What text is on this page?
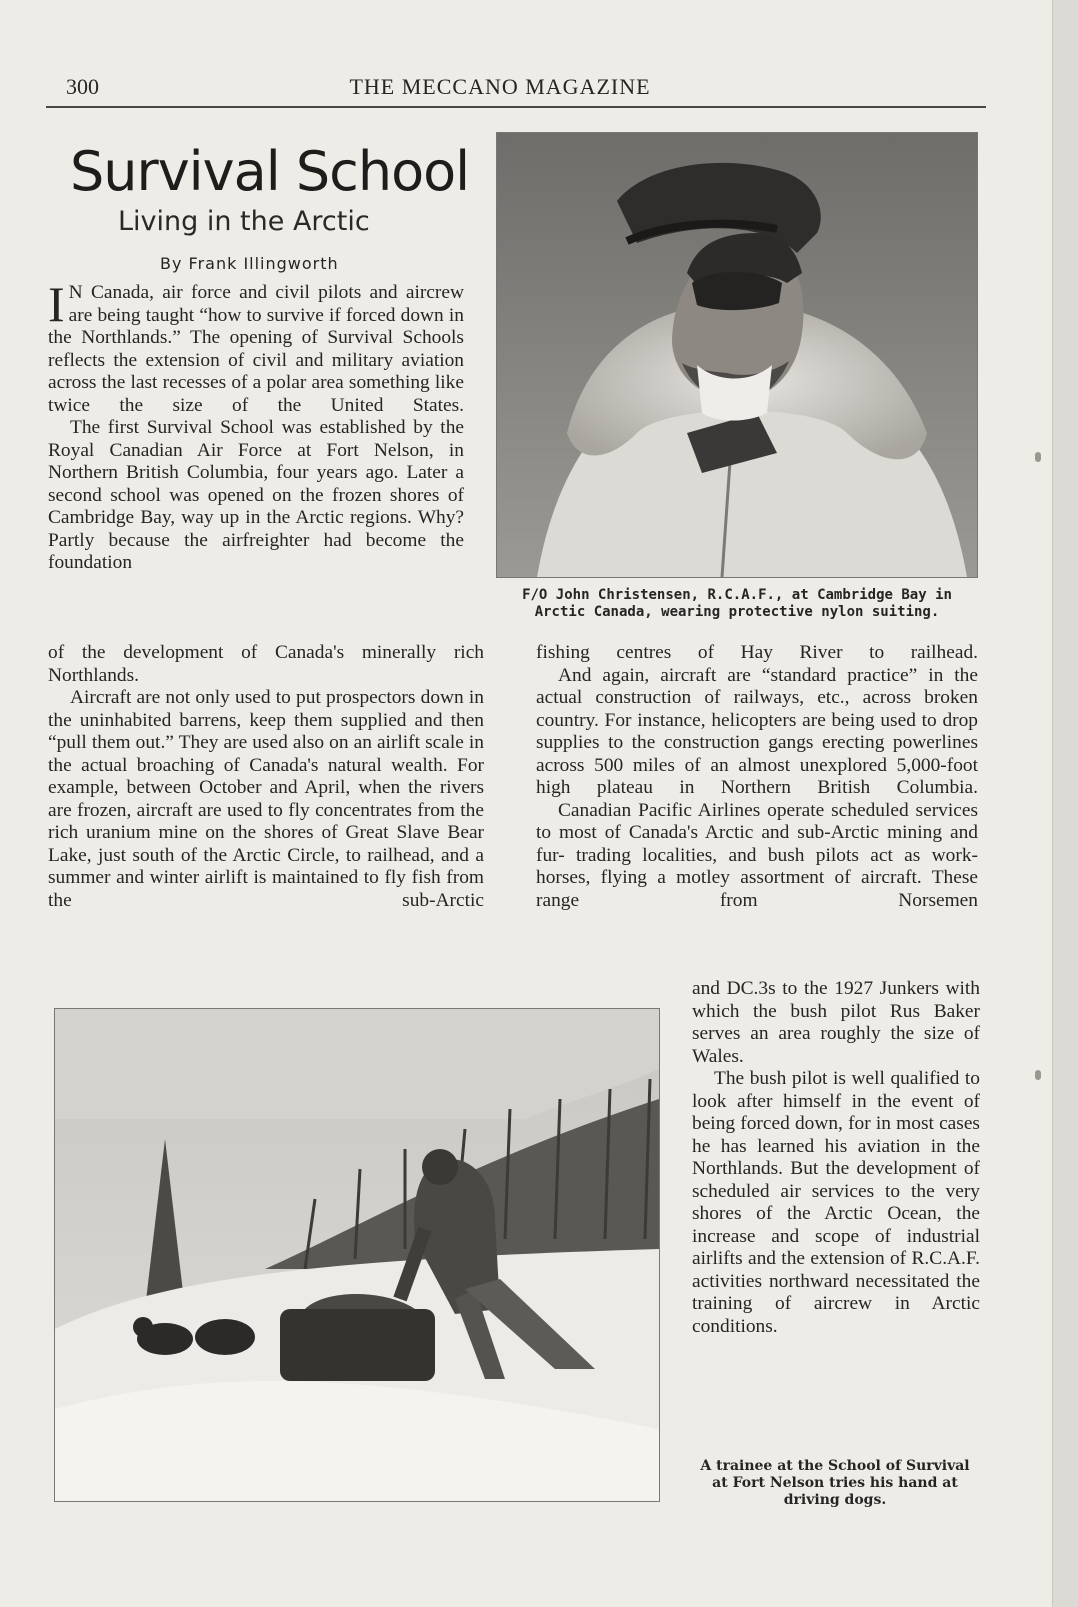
300	THE MECCANO MAGAZINE
Survival School
Living in the Arctic
By Frank Illingworth
F/O John Christensen, R.C.A.F., at Cambridge Bay in
Arctic Canada, wearing protective nylon suiting.
I N Canada, air force and civil pilots and aircrew are being taught “how to survive if forced down in the Northlands.” The opening of Survival Schools reflects the extension of civil and military aviation across the last recesses of a polar area something like twice the size of the United States.

The first Survival School was established by the Royal Canadian Air Force at Fort Nelson, in Northern British Columbia, four years ago. Later a second school was opened on the frozen shores of Cambridge Bay, way up in the Arctic regions. Why? Partly because the airfreighter had become the foundation

of the development of Canada's minerally rich Northlands.

Aircraft are not only used to put prospectors down in the uninhabited barrens, keep them supplied and then “pull them out.” They are used also on an airlift scale in the actual broaching of Canada's natural wealth. For example, between October and April, when the rivers are frozen, aircraft are used to fly concentrates from the rich uranium mine on the shores of Great Slave Bear Lake, just south of the Arctic Circle, to railhead, and a summer and winter airlift is maintained to fly fish from the sub-Arctic

fishing centres of Hay River to railhead.

And again, aircraft are “standard practice” in the actual construction of railways, etc., across broken country. For instance, helicopters are being used to drop supplies to the construction gangs erecting powerlines across 500 miles of an almost unexplored 5,000-foot high plateau in Northern British Columbia.

Canadian Pacific Airlines operate scheduled services to most of Canada's Arctic and sub-Arctic mining and fur- trading localities, and bush pilots act as work-horses, flying a motley assortment of aircraft. These range from Norsemen

and DC.3s to the 1927 Junkers with which the bush pilot Rus Baker serves an area roughly the size of Wales.

The bush pilot is well qualified to look after himself in the event of being forced down, for in most cases he has learned his aviation in the Northlands. But the development of scheduled air services to the very shores of the Arctic Ocean, the increase and scope of industrial airlifts and the extension of R.C.A.F. activities northward necessitated the training of aircrew in Arctic

conditions.

A trainee at the School of Survival
at Fort Nelson tries his hand at
driving dogs.
